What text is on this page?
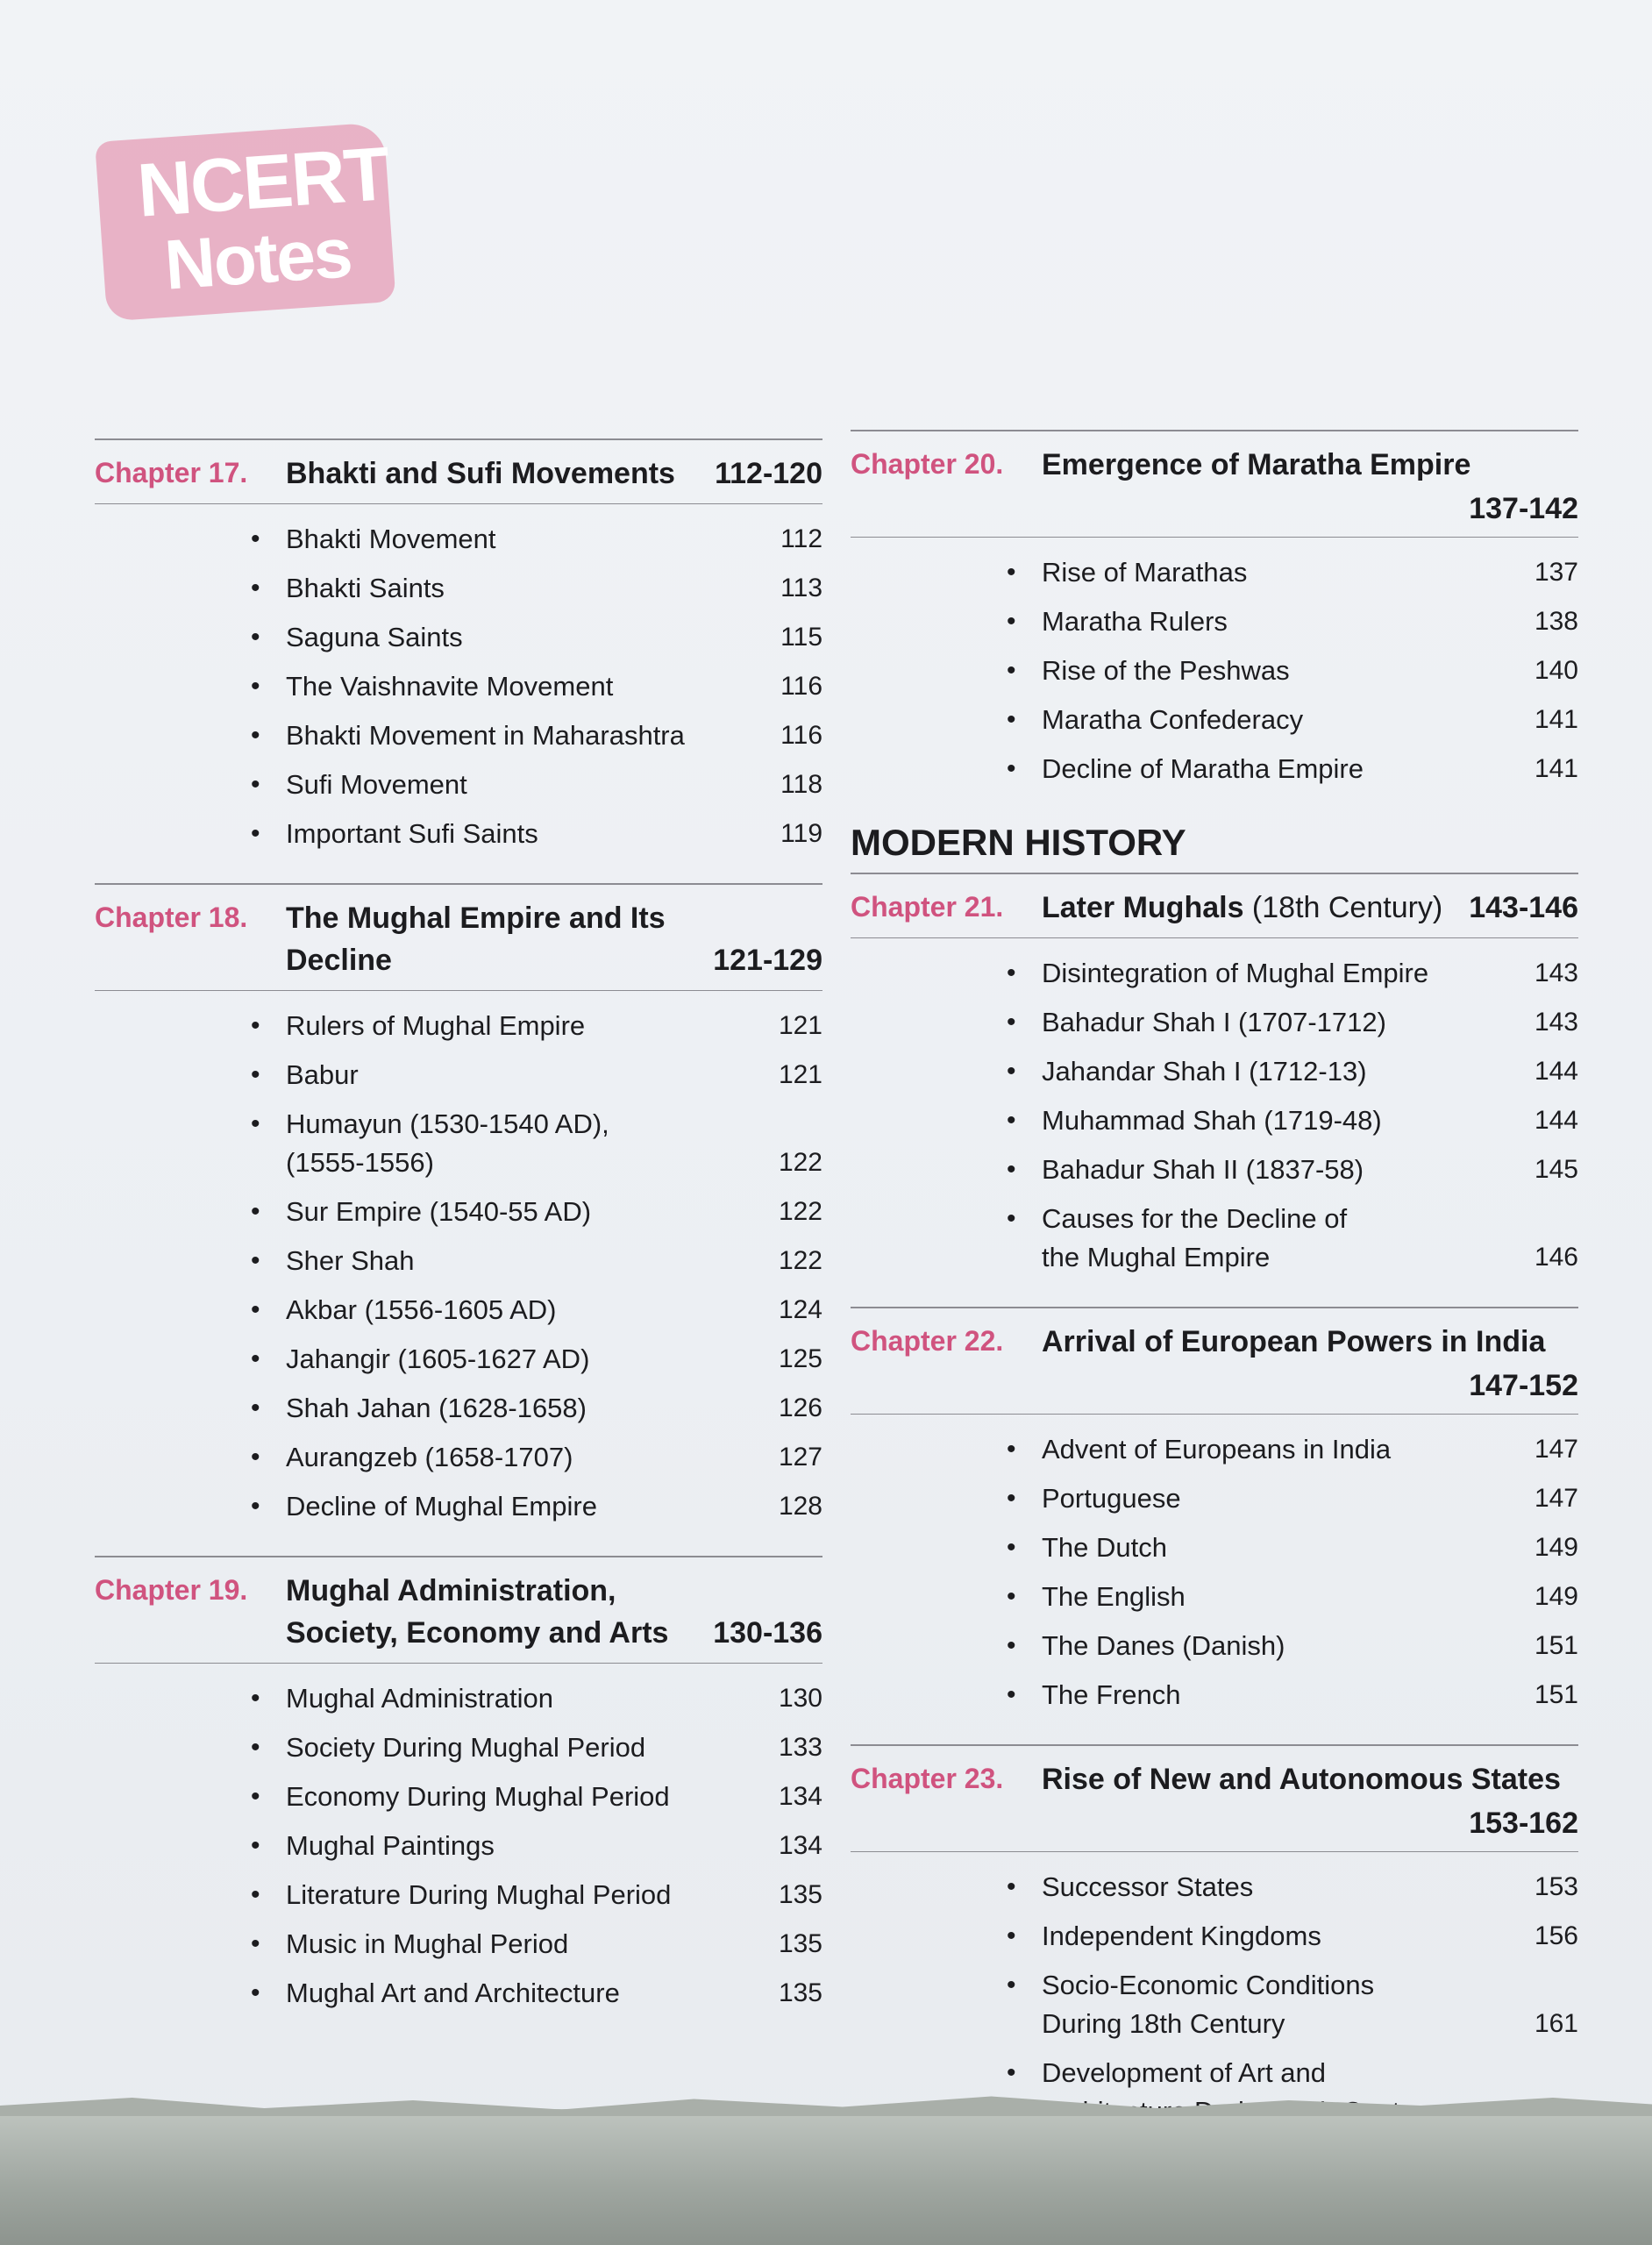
NCERT
Notes
Chapter 17.	Bhakti and Sufi Movements	112-120
• Bhakti Movement	112
• Bhakti Saints	113
• Saguna Saints	115
• The Vaishnavite Movement	116
• Bhakti Movement in Maharashtra	116
• Sufi Movement	118
• Important Sufi Saints	119
Chapter 18.	The Mughal Empire and Its Decline	121-129
• Rulers of Mughal Empire	121
• Babur	121
• Humayun (1530-1540 AD), (1555-1556)	122
• Sur Empire (1540-55 AD)	122
• Sher Shah	122
• Akbar (1556-1605 AD)	124
• Jahangir (1605-1627 AD)	125
• Shah Jahan (1628-1658)	126
• Aurangzeb (1658-1707)	127
• Decline of Mughal Empire	128
Chapter 19.	Mughal Administration, Society, Economy and Arts	130-136
• Mughal Administration	130
• Society During Mughal Period	133
• Economy During Mughal Period	134
• Mughal Paintings	134
• Literature During Mughal Period	135
• Music in Mughal Period	135
• Mughal Art and Architecture	135
Chapter 20.	Emergence of Maratha Empire
137-142
• Rise of Marathas	137
• Maratha Rulers	138
• Rise of the Peshwas	140
• Maratha Confederacy	141
• Decline of Maratha Empire	141
MODERN HISTORY
Chapter 21.	Later Mughals (18th Century) 143-146
• Disintegration of Mughal Empire	143
• Bahadur Shah I (1707-1712)	143
• Jahandar Shah I (1712-13)	144
• Muhammad Shah (1719-48)	144
• Bahadur Shah II (1837-58)	145
• Causes for the Decline of the Mughal Empire	146
Chapter 22.	Arrival of European Powers in India
147-152
• Advent of Europeans in India	147
• Portuguese	147
• The Dutch	149
• The English	149
• The Danes (Danish)	151
• The French	151
Chapter 23.	Rise of New and Autonomous States
153-162
• Successor States	153
• Independent Kingdoms	156
• Socio-Economic Conditions During 18th Century	161
• Development of Art and
